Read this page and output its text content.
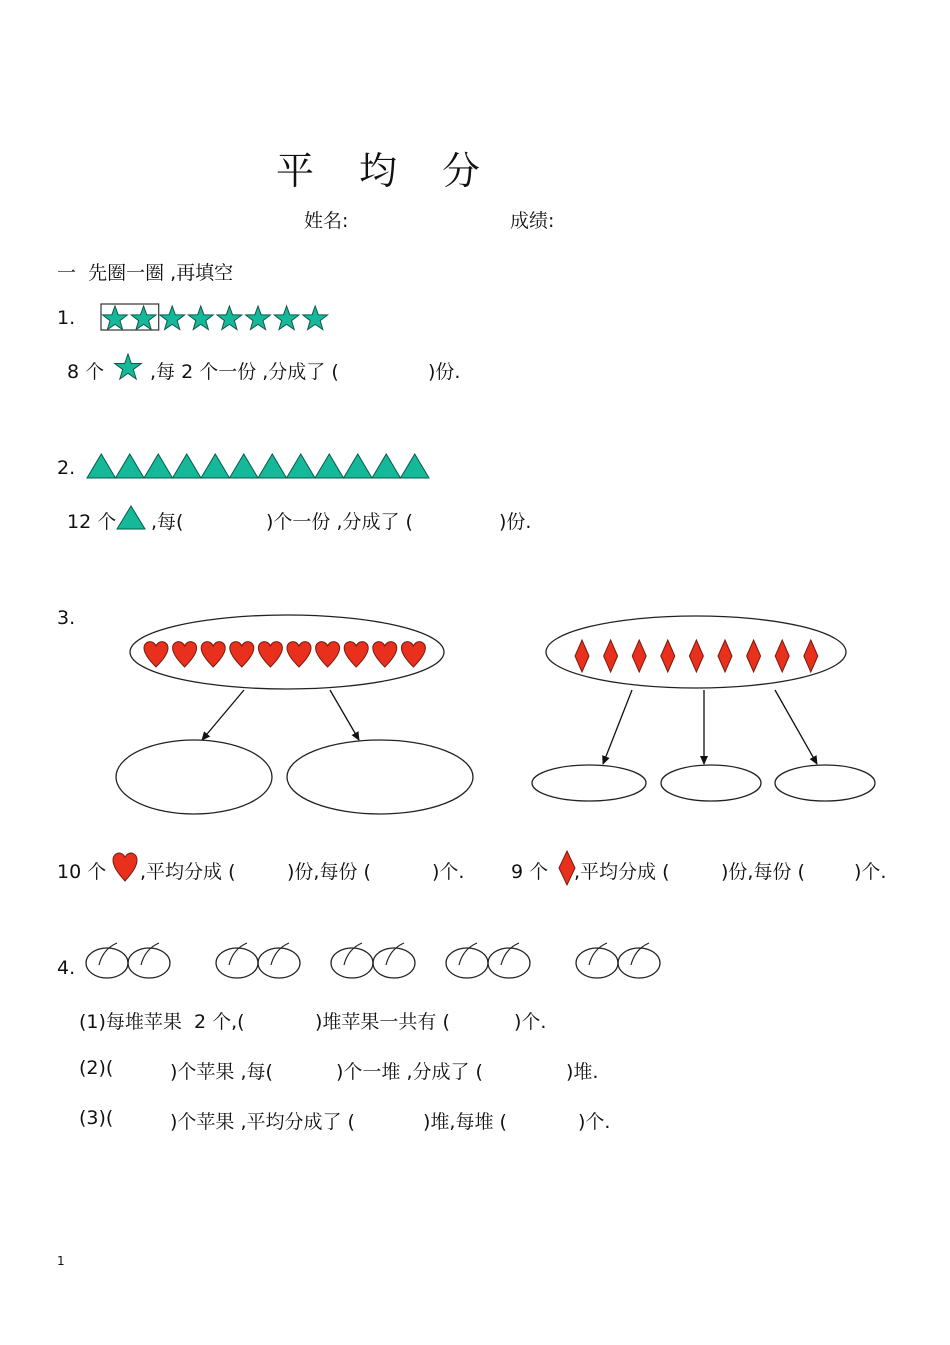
平 均 分
姓名:	成绩:
一  先圈一圈 ,再填空
1.
8 个 ,每 2 个一份 ,分成了 (	)份.
2.
12 个 ,每(	)个一份 ,分成了 (	)份.
3.
10 个 ,平均分成 (	)份,每份 (	)个. 9 个 ,平均分成 (	)份,每份 (	)个.
4.
(1)每堆苹果  2 个,(	)堆苹果一共有 (	)个.
(2)(	)个苹果 ,每(	)个一堆 ,分成了 (	)堆.
(3)(	)个苹果 ,平均分成了 (	)堆,每堆 (	)个.
1
